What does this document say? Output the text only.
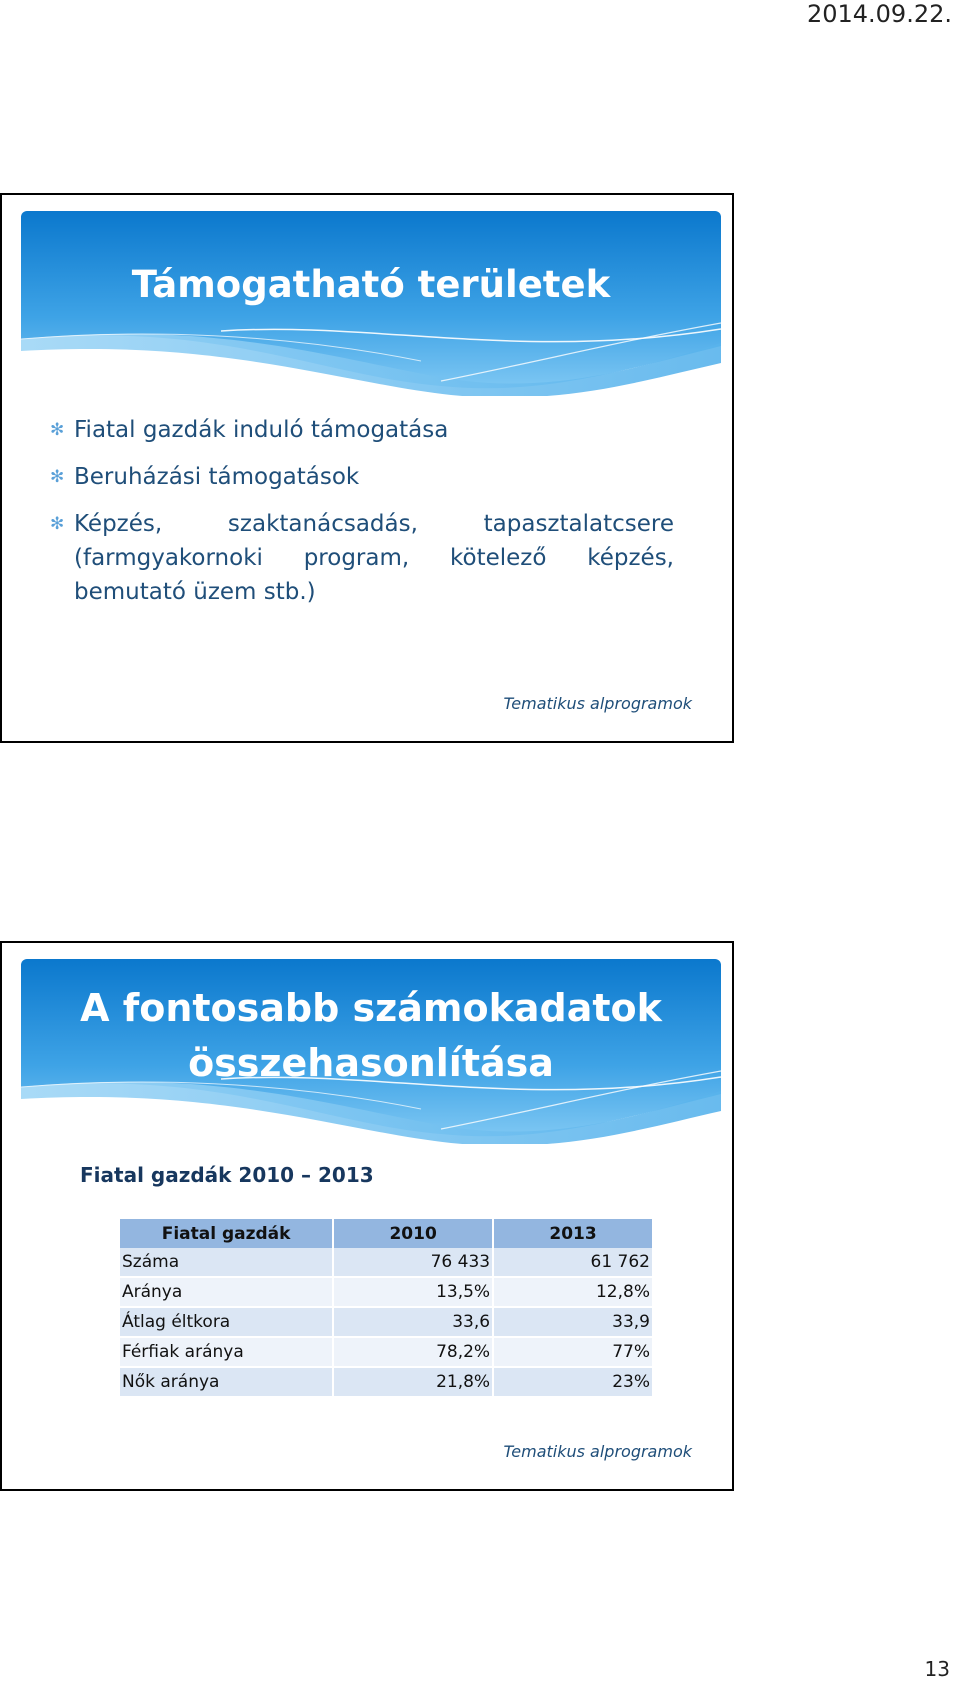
2014.09.22.
Támogatható területek
✻ Fiatal gazdák induló támogatása
✻ Beruházási támogatások
✻ Képzés, szaktanácsadás, tapasztalatcsere (farmgyakornoki program, kötelező képzés, bemutató üzem stb.)
Tematikus alprogramok
A fontosabb számokadatok
összehasonlítása
Fiatal gazdák 2010 – 2013
Fiatal gazdák	2010	2013
Száma	76 433	61 762
Aránya	13,5%	12,8%
Átlag éltkora	33,6	33,9
Férfiak aránya	78,2%	77%
Nők aránya	21,8%	23%
Tematikus alprogramok
13
